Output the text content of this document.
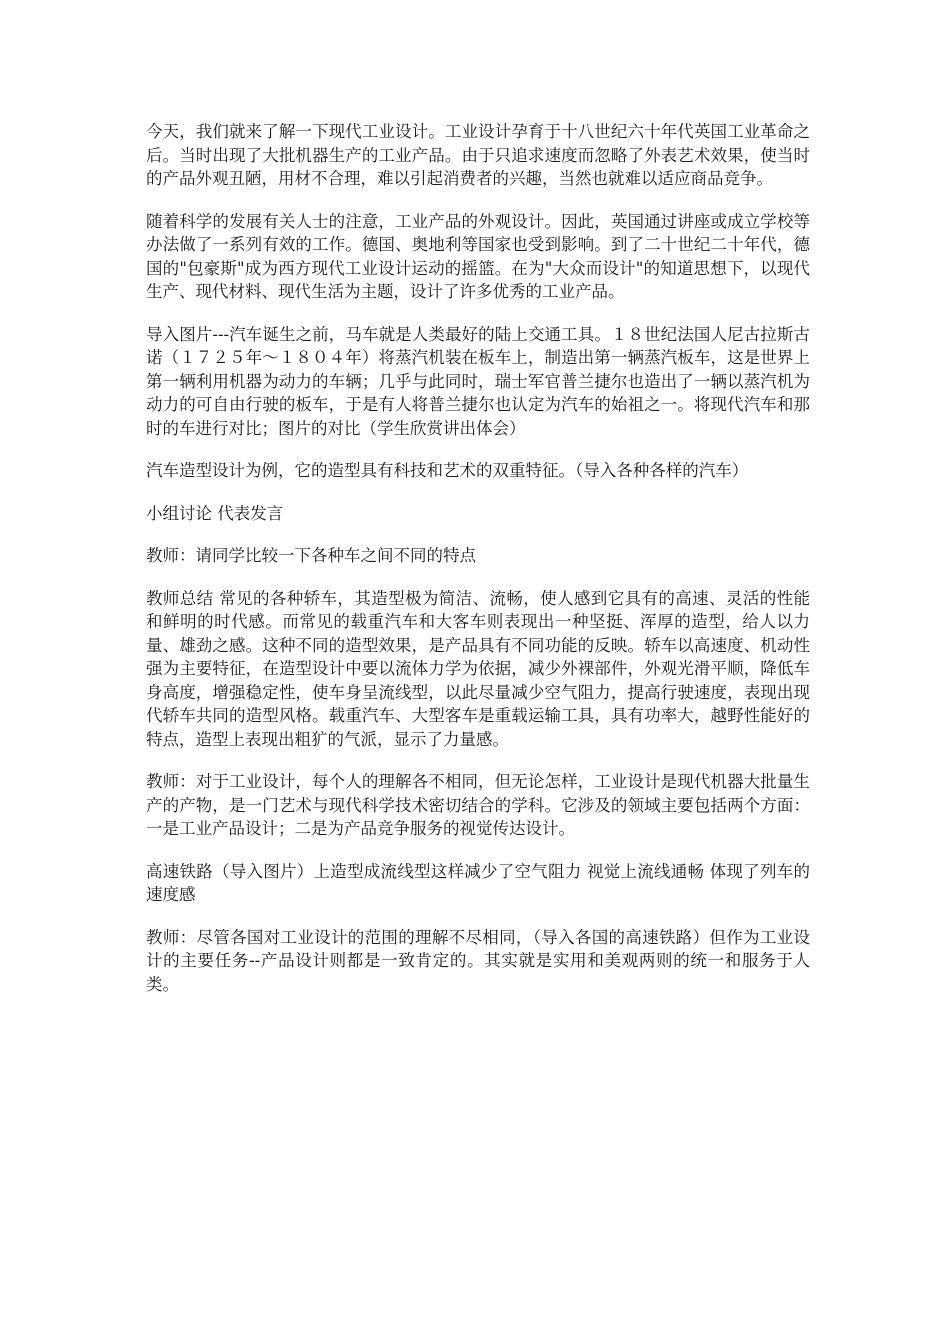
今天，我们就来了解一下现代工业设计。工业设计孕育于十八世纪六十年代英国工业革命之后。当时出现了大批机器生产的工业产品。由于只追求速度而忽略了外表艺术效果，使当时的产品外观丑陋，用材不合理，难以引起消费者的兴趣，当然也就难以适应商品竞争。

随着科学的发展有关人士的注意，工业产品的外观设计。因此，英国通过讲座或成立学校等办法做了一系列有效的工作。德国、奥地利等国家也受到影响。到了二十世纪二十年代，德国的"包豪斯"成为西方现代工业设计运动的摇篮。在为"大众而设计"的知道思想下，以现代生产、现代材料、现代生活为主题，设计了许多优秀的工业产品。

导入图片---汽车诞生之前，马车就是人类最好的陆上交通工具。１８世纪法国人尼古拉斯古诺（１７２５年～１８０４年）将蒸汽机装在板车上，制造出第一辆蒸汽板车，这是世界上第一辆利用机器为动力的车辆；几乎与此同时，瑞士军官普兰捷尔也造出了一辆以蒸汽机为动力的可自由行驶的板车，于是有人将普兰捷尔也认定为汽车的始祖之一。将现代汽车和那时的车进行对比；图片的对比（学生欣赏讲出体会）

汽车造型设计为例，它的造型具有科技和艺术的双重特征。（导入各种各样的汽车）

小组讨论 代表发言

教师：请同学比较一下各种车之间不同的特点

教师总结 常见的各种轿车，其造型极为简洁、流畅，使人感到它具有的高速、灵活的性能和鲜明的时代感。而常见的载重汽车和大客车则表现出一种坚挺、浑厚的造型，给人以力量、雄劲之感。这种不同的造型效果，是产品具有不同功能的反映。轿车以高速度、机动性强为主要特征，在造型设计中要以流体力学为依据，减少外裸部件，外观光滑平顺，降低车身高度，增强稳定性，使车身呈流线型，以此尽量减少空气阻力，提高行驶速度，表现出现代轿车共同的造型风格。载重汽车、大型客车是重载运输工具，具有功率大，越野性能好的特点，造型上表现出粗犷的气派，显示了力量感。

教师：对于工业设计，每个人的理解各不相同，但无论怎样，工业设计是现代机器大批量生产的产物，是一门艺术与现代科学技术密切结合的学科。它涉及的领域主要包括两个方面：一是工业产品设计；二是为产品竞争服务的视觉传达设计。

高速铁路（导入图片）上造型成流线型这样减少了空气阻力 视觉上流线通畅 体现了列车的速度感

教师：尽管各国对工业设计的范围的理解不尽相同，（导入各国的高速铁路）但作为工业设计的主要任务--产品设计则都是一致肯定的。其实就是实用和美观两则的统一和服务于人类。
